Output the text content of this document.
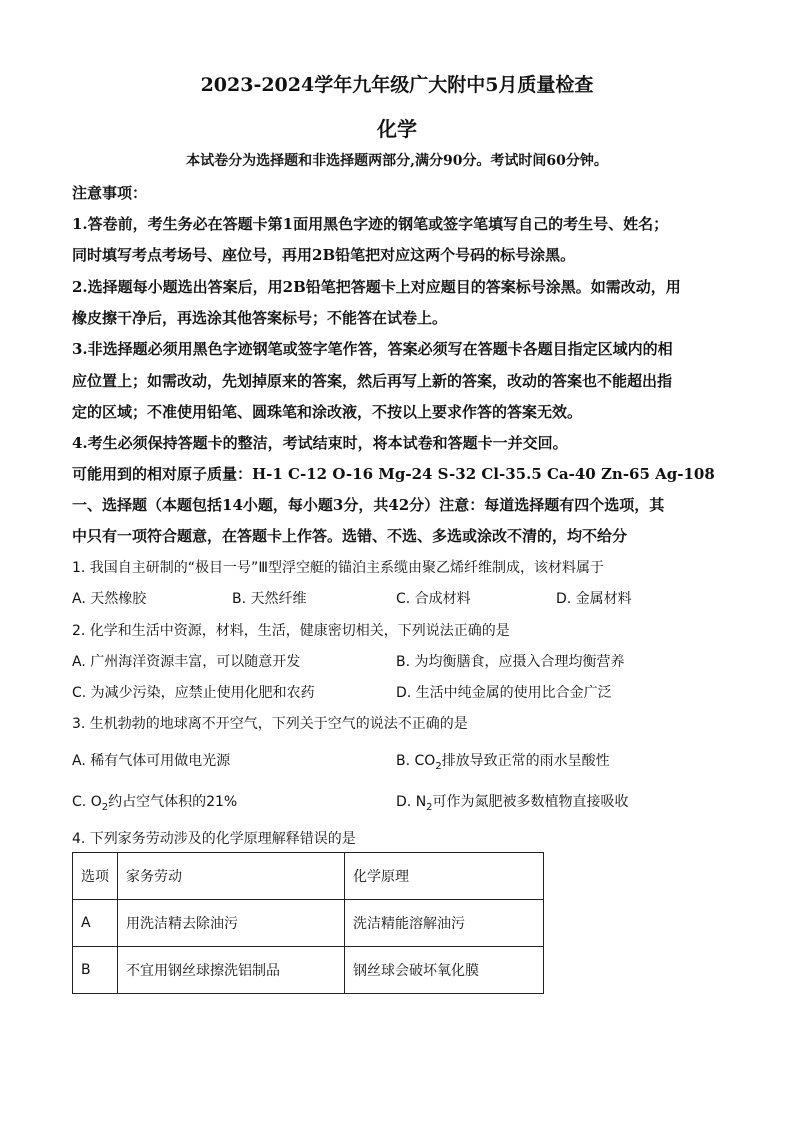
2023-2024学年九年级广大附中5月质量检查
化学
本试卷分为选择题和非选择题两部分,满分90分。考试时间60分钟。
注意事项：
1.答卷前，考生务必在答题卡第1面用黑色字迹的钢笔或签字笔填写自己的考生号、姓名；
同时填写考点考场号、座位号，再用2B铅笔把对应这两个号码的标号涂黑。
2.选择题每小题选出答案后，用2B铅笔把答题卡上对应题目的答案标号涂黑。如需改动，用
橡皮擦干净后，再选涂其他答案标号；不能答在试卷上。
3.非选择题必须用黑色字迹钢笔或签字笔作答，答案必须写在答题卡各题目指定区域内的相
应位置上；如需改动，先划掉原来的答案，然后再写上新的答案，改动的答案也不能超出指
定的区域；不准使用铅笔、圆珠笔和涂改液，不按以上要求作答的答案无效。
4.考生必须保持答题卡的整洁，考试结束时，将本试卷和答题卡一并交回。
可能用到的相对原子质量：H-1 C-12 O-16 Mg-24 S-32 Cl-35.5 Ca-40 Zn-65 Ag-108
一、选择题（本题包括14小题，每小题3分，共42分）注意：每道选择题有四个选项，其
中只有一项符合题意，在答题卡上作答。选错、不选、多选或涂改不清的，均不给分
1. 我国自主研制的“极目一号”Ⅲ型浮空艇的锚泊主系缆由聚乙烯纤维制成，该材料属于
A. 天然橡胶	B. 天然纤维	C. 合成材料	D. 金属材料
2. 化学和生活中资源，材料，生活，健康密切相关，下列说法正确的是
A. 广州海洋资源丰富，可以随意开发	B. 为均衡膳食，应摄入合理均衡营养
C. 为减少污染，应禁止使用化肥和农药	D. 生活中纯金属的使用比合金广泛
3. 生机勃勃的地球离不开空气，下列关于空气的说法不正确的是
A. 稀有气体可用做电光源	B. $CO_2$排放导致正常的雨水呈酸性
C. $O_2$约占空气体积的21%	D. $N_2$可作为氮肥被多数植物直接吸收
4. 下列家务劳动涉及的化学原理解释错误的是
选项	家务劳动	化学原理
A	用洗洁精去除油污	洗洁精能溶解油污
B	不宜用钢丝球擦洗铝制品	钢丝球会破坏氧化膜
